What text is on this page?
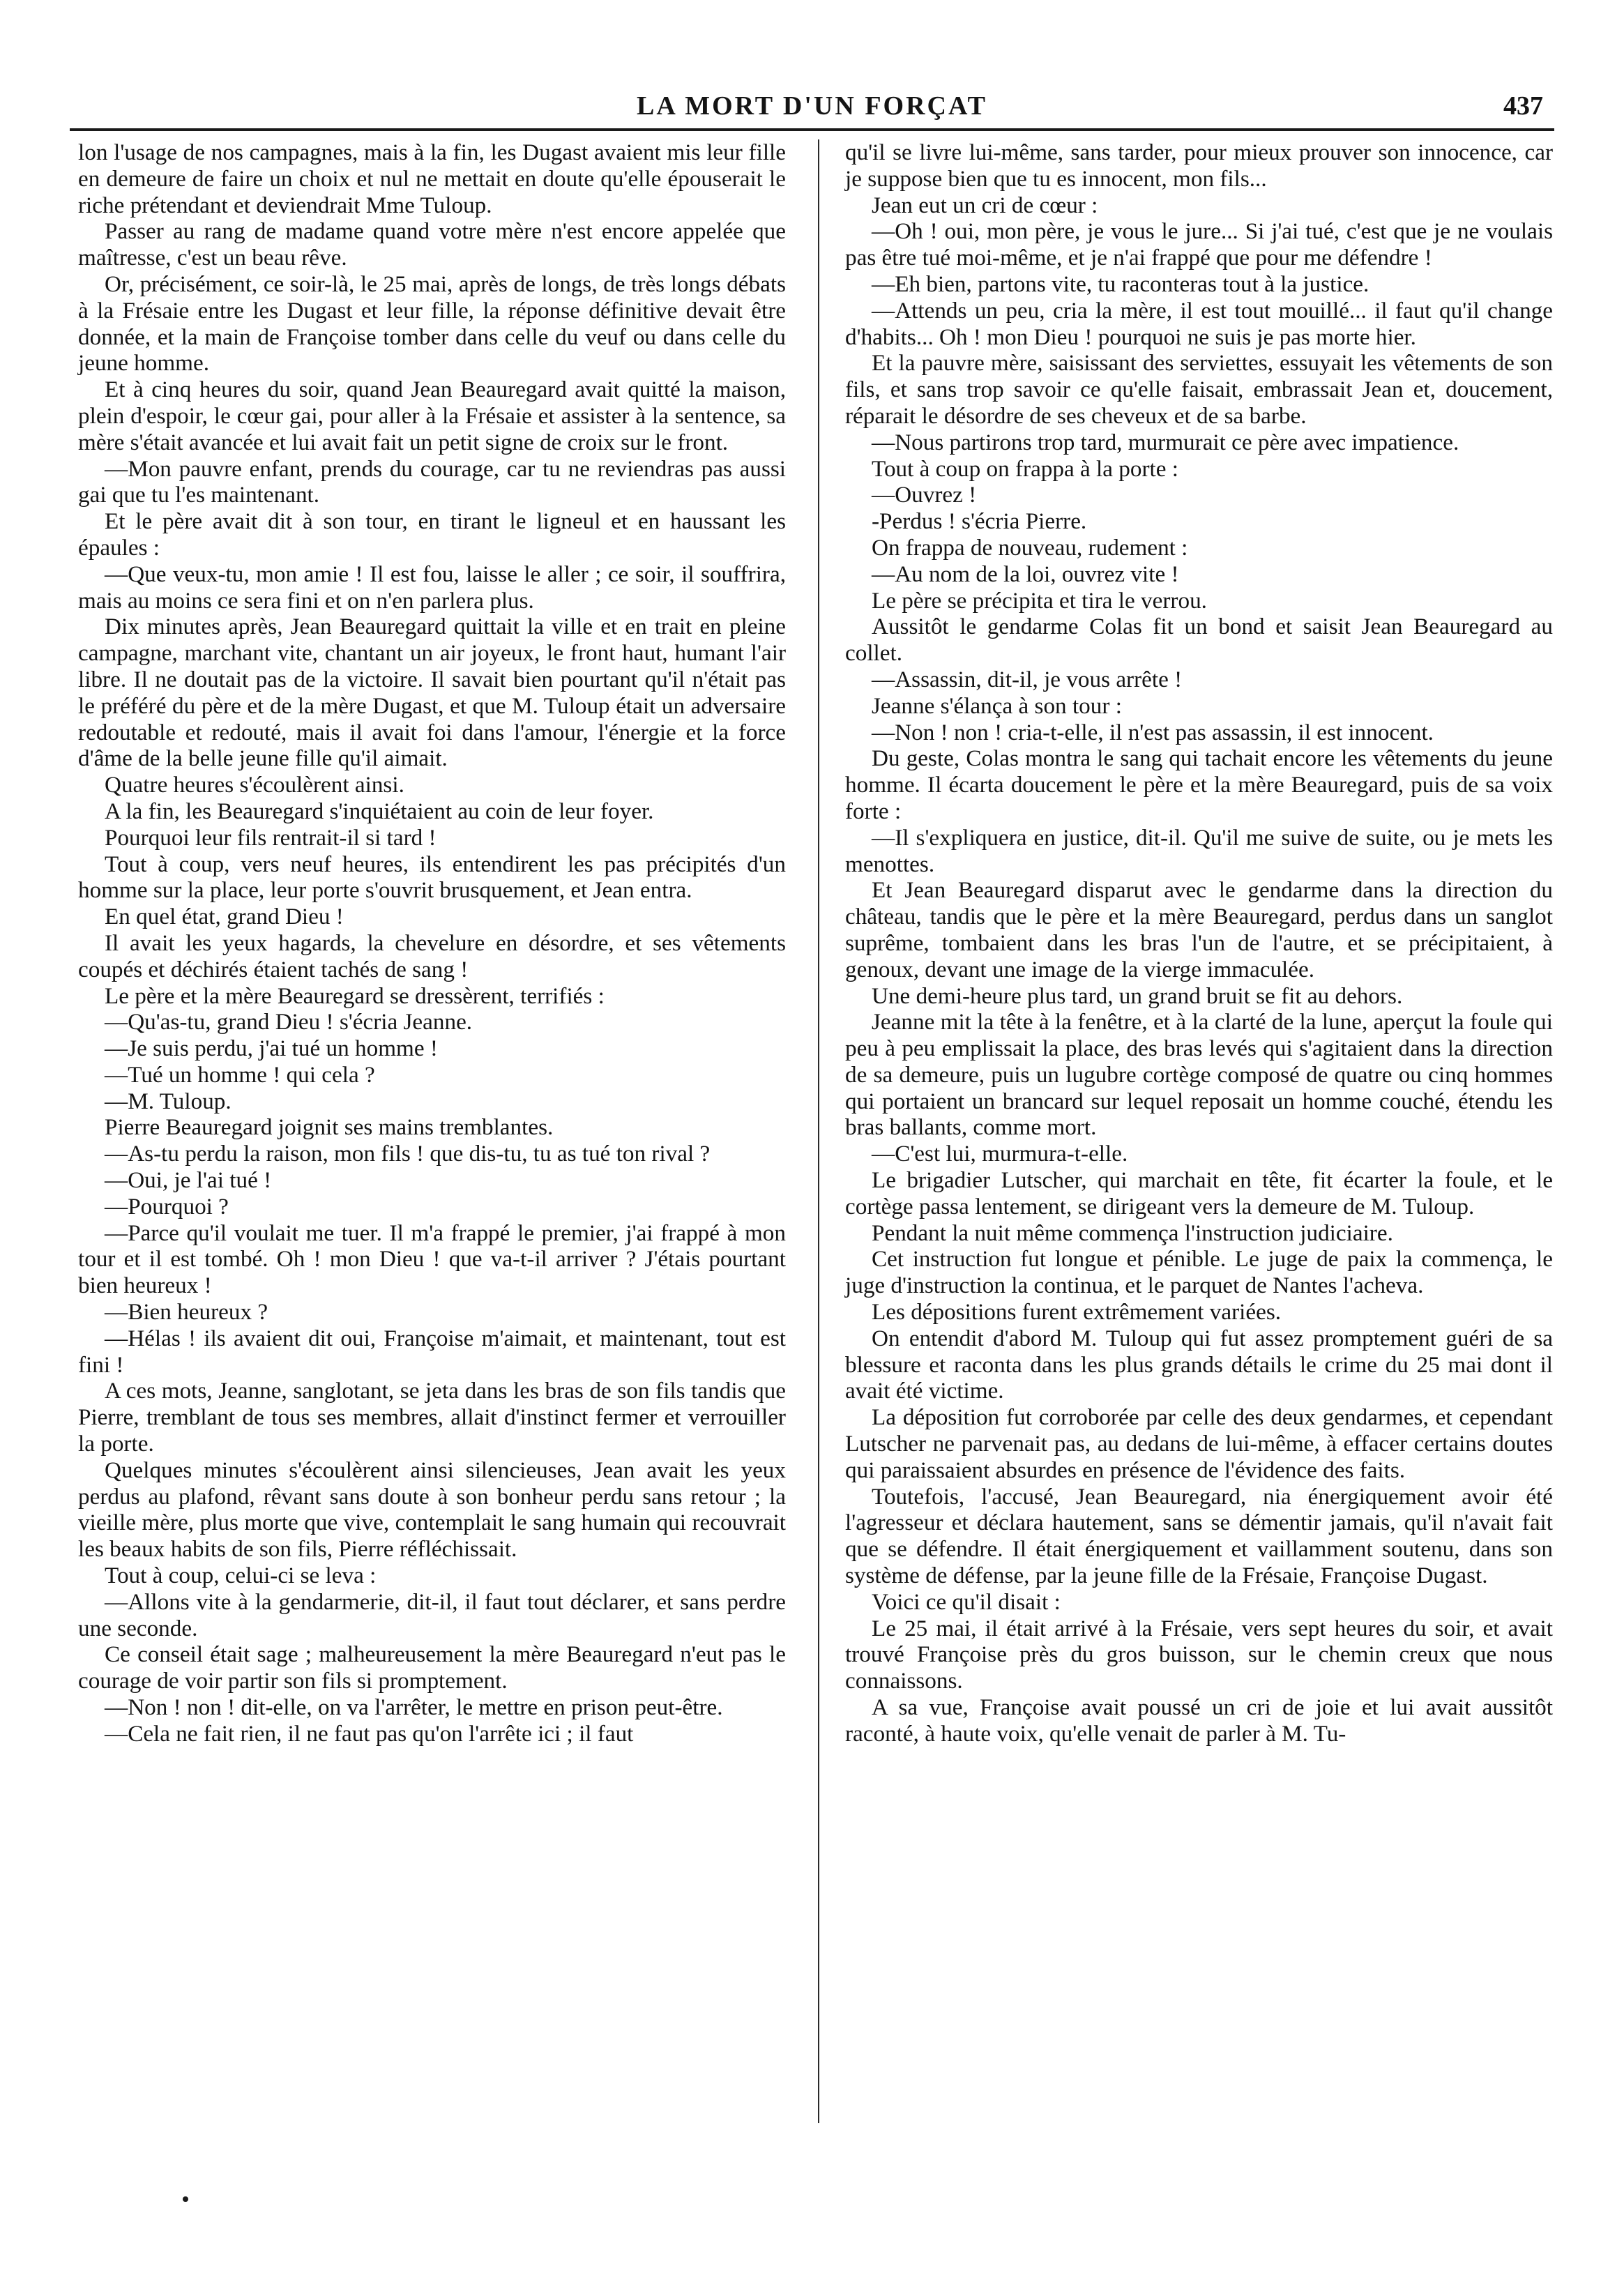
LA MORT D'UN FORÇAT	437

lon l'usage de nos campagnes, mais à la fin, les Dugast avaient mis leur fille en demeure de faire un choix et nul ne mettait en doute qu'elle épouserait le riche prétendant et deviendrait Mme Tuloup.

Passer au rang de madame quand votre mère n'est encore appelée que maîtresse, c'est un beau rêve.

Or, précisément, ce soir-là, le 25 mai, après de longs, de très longs débats à la Frésaie entre les Dugast et leur fille, la réponse définitive devait être donnée, et la main de Françoise tomber dans celle du veuf ou dans celle du jeune homme.

Et à cinq heures du soir, quand Jean Beauregard avait quitté la maison, plein d'espoir, le cœur gai, pour aller à la Frésaie et assister à la sentence, sa mère s'était avancée et lui avait fait un petit signe de croix sur le front.

—Mon pauvre enfant, prends du courage, car tu ne reviendras pas aussi gai que tu l'es maintenant.

Et le père avait dit à son tour, en tirant le ligneul et en haussant les épaules :

—Que veux-tu, mon amie ! Il est fou, laisse le aller ; ce soir, il souffrira, mais au moins ce sera fini et on n'en parlera plus.

Dix minutes après, Jean Beauregard quittait la ville et en trait en pleine campagne, marchant vite, chantant un air joyeux, le front haut, humant l'air libre. Il ne doutait pas de la victoire. Il savait bien pourtant qu'il n'était pas le préféré du père et de la mère Dugast, et que M. Tuloup était un adversaire redoutable et redouté, mais il avait foi dans l'amour, l'énergie et la force d'âme de la belle jeune fille qu'il aimait.

Quatre heures s'écoulèrent ainsi.

A la fin, les Beauregard s'inquiétaient au coin de leur foyer.

Pourquoi leur fils rentrait-il si tard !

Tout à coup, vers neuf heures, ils entendirent les pas précipités d'un homme sur la place, leur porte s'ouvrit brusquement, et Jean entra.

En quel état, grand Dieu !

Il avait les yeux hagards, la chevelure en désordre, et ses vêtements coupés et déchirés étaient tachés de sang !

Le père et la mère Beauregard se dressèrent, terrifiés :

—Qu'as-tu, grand Dieu ! s'écria Jeanne.

—Je suis perdu, j'ai tué un homme !

—Tué un homme ! qui cela ?

—M. Tuloup.

Pierre Beauregard joignit ses mains tremblantes.

—As-tu perdu la raison, mon fils ! que dis-tu, tu as tué ton rival ?

—Oui, je l'ai tué !

—Pourquoi ?

—Parce qu'il voulait me tuer. Il m'a frappé le premier, j'ai frappé à mon tour et il est tombé. Oh ! mon Dieu ! que va-t-il arriver ? J'étais pourtant bien heureux !

—Bien heureux ?

—Hélas ! ils avaient dit oui, Françoise m'aimait, et maintenant, tout est fini !

A ces mots, Jeanne, sanglotant, se jeta dans les bras de son fils tandis que Pierre, tremblant de tous ses membres, allait d'instinct fermer et verrouiller la porte.

Quelques minutes s'écoulèrent ainsi silencieuses, Jean avait les yeux perdus au plafond, rêvant sans doute à son bonheur perdu sans retour ; la vieille mère, plus morte que vive, contemplait le sang humain qui recouvrait les beaux habits de son fils, Pierre réfléchissait.

Tout à coup, celui-ci se leva :

—Allons vite à la gendarmerie, dit-il, il faut tout déclarer, et sans perdre une seconde.

Ce conseil était sage ; malheureusement la mère Beauregard n'eut pas le courage de voir partir son fils si promptement.

—Non ! non ! dit-elle, on va l'arrêter, le mettre en prison peut-être.

—Cela ne fait rien, il ne faut pas qu'on l'arrête ici ; il faut

qu'il se livre lui-même, sans tarder, pour mieux prouver son innocence, car je suppose bien que tu es innocent, mon fils...

Jean eut un cri de cœur :

—Oh ! oui, mon père, je vous le jure... Si j'ai tué, c'est que je ne voulais pas être tué moi-même, et je n'ai frappé que pour me défendre !

—Eh bien, partons vite, tu raconteras tout à la justice.

—Attends un peu, cria la mère, il est tout mouillé... il faut qu'il change d'habits... Oh ! mon Dieu ! pourquoi ne suis je pas morte hier.

Et la pauvre mère, saisissant des serviettes, essuyait les vêtements de son fils, et sans trop savoir ce qu'elle faisait, embrassait Jean et, doucement, réparait le désordre de ses cheveux et de sa barbe.

—Nous partirons trop tard, murmurait ce père avec impatience.

Tout à coup on frappa à la porte :

—Ouvrez !

-Perdus ! s'écria Pierre.

On frappa de nouveau, rudement :

—Au nom de la loi, ouvrez vite !

Le père se précipita et tira le verrou.

Aussitôt le gendarme Colas fit un bond et saisit Jean Beauregard au collet.

—Assassin, dit-il, je vous arrête !

Jeanne s'élança à son tour :

—Non ! non ! cria-t-elle, il n'est pas assassin, il est innocent.

Du geste, Colas montra le sang qui tachait encore les vêtements du jeune homme. Il écarta doucement le père et la mère Beauregard, puis de sa voix forte :

—Il s'expliquera en justice, dit-il. Qu'il me suive de suite, ou je mets les menottes.

Et Jean Beauregard disparut avec le gendarme dans la direction du château, tandis que le père et la mère Beauregard, perdus dans un sanglot suprême, tombaient dans les bras l'un de l'autre, et se précipitaient, à genoux, devant une image de la vierge immaculée.

Une demi-heure plus tard, un grand bruit se fit au dehors.

Jeanne mit la tête à la fenêtre, et à la clarté de la lune, aperçut la foule qui peu à peu emplissait la place, des bras levés qui s'agitaient dans la direction de sa demeure, puis un lugubre cortège composé de quatre ou cinq hommes qui portaient un brancard sur lequel reposait un homme couché, étendu les bras ballants, comme mort.

—C'est lui, murmura-t-elle.

Le brigadier Lutscher, qui marchait en tête, fit écarter la foule, et le cortège passa lentement, se dirigeant vers la demeure de M. Tuloup.

Pendant la nuit même commença l'instruction judiciaire.

Cet instruction fut longue et pénible. Le juge de paix la commença, le juge d'instruction la continua, et le parquet de Nantes l'acheva.

Les dépositions furent extrêmement variées.

On entendit d'abord M. Tuloup qui fut assez promptement guéri de sa blessure et raconta dans les plus grands détails le crime du 25 mai dont il avait été victime.

La déposition fut corroborée par celle des deux gendarmes, et cependant Lutscher ne parvenait pas, au dedans de lui-même, à effacer certains doutes qui paraissaient absurdes en présence de l'évidence des faits.

Toutefois, l'accusé, Jean Beauregard, nia énergiquement avoir été l'agresseur et déclara hautement, sans se démentir jamais, qu'il n'avait fait que se défendre. Il était énergiquement et vaillamment soutenu, dans son système de défense, par la jeune fille de la Frésaie, Françoise Dugast.

Voici ce qu'il disait :

Le 25 mai, il était arrivé à la Frésaie, vers sept heures du soir, et avait trouvé Françoise près du gros buisson, sur le chemin creux que nous connaissons.

A sa vue, Françoise avait poussé un cri de joie et lui avait aussitôt raconté, à haute voix, qu'elle venait de parler à M. Tu-
